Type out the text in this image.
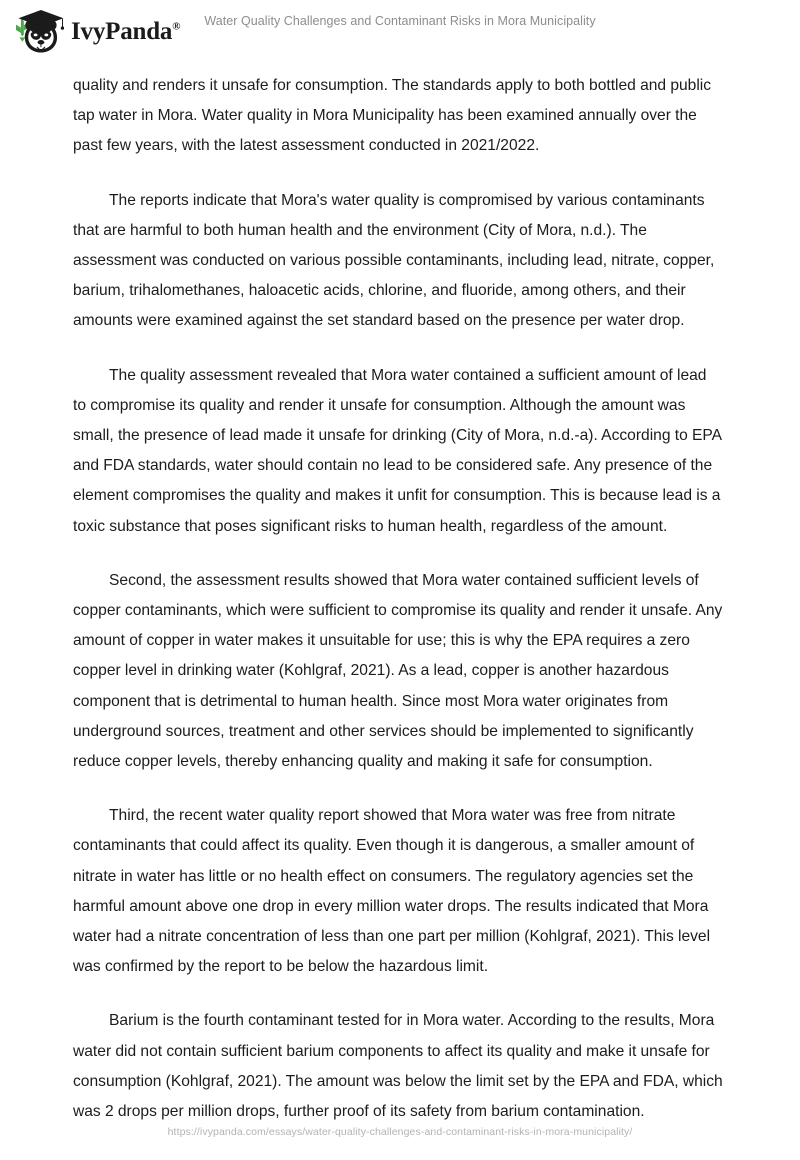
IvyPanda®	Water Quality Challenges and Contaminant Risks in Mora Municipality

quality and renders it unsafe for consumption. The standards apply to both bottled and public tap water in Mora. Water quality in Mora Municipality has been examined annually over the past few years, with the latest assessment conducted in 2021/2022.

The reports indicate that Mora's water quality is compromised by various contaminants that are harmful to both human health and the environment (City of Mora, n.d.). The assessment was conducted on various possible contaminants, including lead, nitrate, copper, barium, trihalomethanes, haloacetic acids, chlorine, and fluoride, among others, and their amounts were examined against the set standard based on the presence per water drop.

The quality assessment revealed that Mora water contained a sufficient amount of lead to compromise its quality and render it unsafe for consumption. Although the amount was small, the presence of lead made it unsafe for drinking (City of Mora, n.d.-a). According to EPA and FDA standards, water should contain no lead to be considered safe. Any presence of the element compromises the quality and makes it unfit for consumption. This is because lead is a toxic substance that poses significant risks to human health, regardless of the amount.

Second, the assessment results showed that Mora water contained sufficient levels of copper contaminants, which were sufficient to compromise its quality and render it unsafe. Any amount of copper in water makes it unsuitable for use; this is why the EPA requires a zero copper level in drinking water (Kohlgraf, 2021). As a lead, copper is another hazardous component that is detrimental to human health. Since most Mora water originates from underground sources, treatment and other services should be implemented to significantly reduce copper levels, thereby enhancing quality and making it safe for consumption.

Third, the recent water quality report showed that Mora water was free from nitrate contaminants that could affect its quality. Even though it is dangerous, a smaller amount of nitrate in water has little or no health effect on consumers. The regulatory agencies set the harmful amount above one drop in every million water drops. The results indicated that Mora water had a nitrate concentration of less than one part per million (Kohlgraf, 2021). This level was confirmed by the report to be below the hazardous limit.

Barium is the fourth contaminant tested for in Mora water. According to the results, Mora water did not contain sufficient barium components to affect its quality and make it unsafe for consumption (Kohlgraf, 2021). The amount was below the limit set by the EPA and FDA, which was 2 drops per million drops, further proof of its safety from barium contamination.

https://ivypanda.com/essays/water-quality-challenges-and-contaminant-risks-in-mora-municipality/
